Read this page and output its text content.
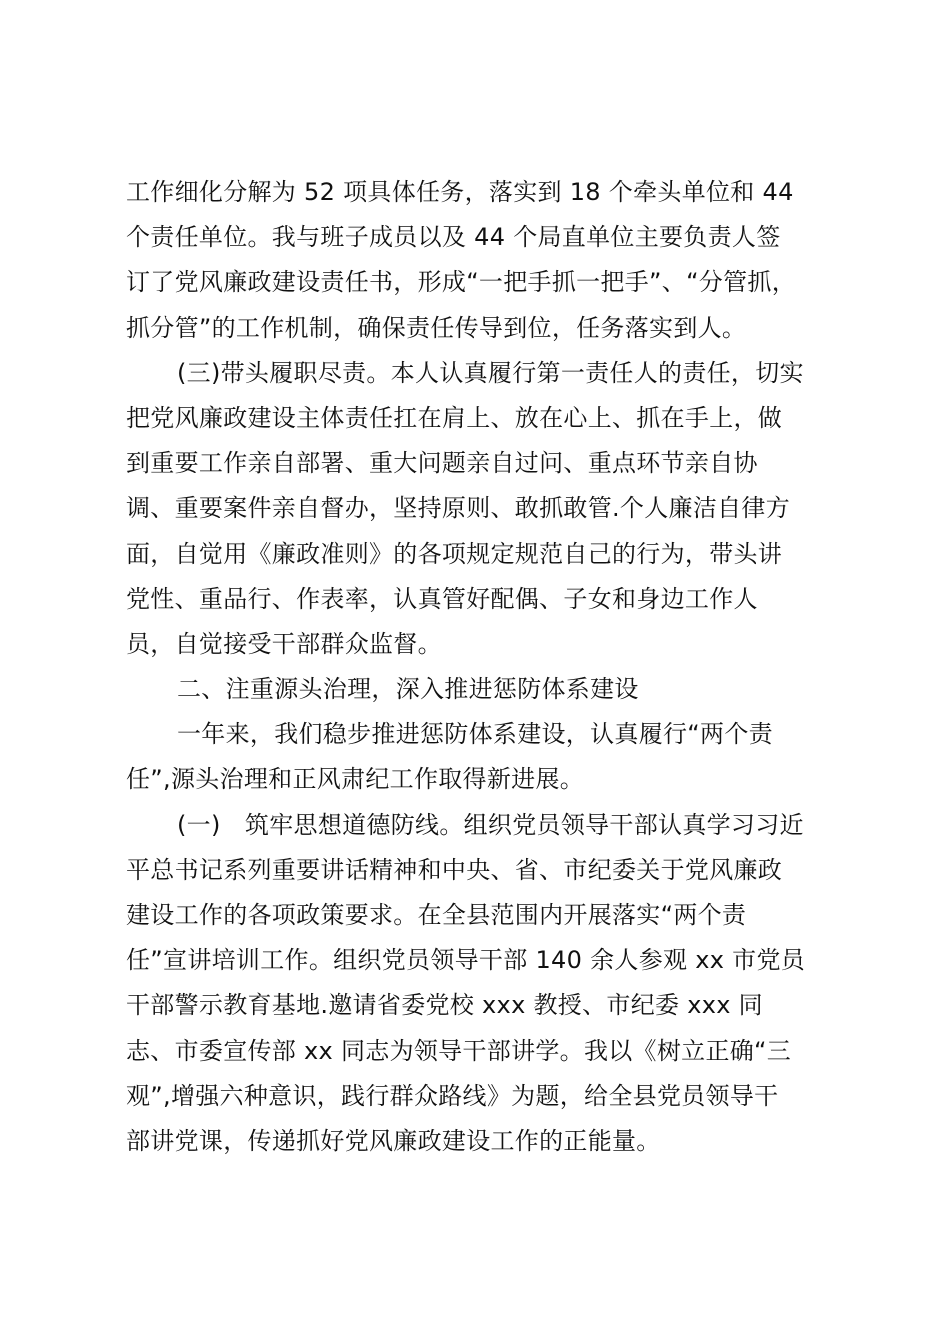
工作细化分解为 52 项具体任务，落实到 18 个牵头单位和 44
个责任单位。我与班子成员以及 44 个局直单位主要负责人签
订了党风廉政建设责任书，形成“一把手抓一把手”、“分管抓，
抓分管”的工作机制，确保责任传导到位，任务落实到人。
(三)带头履职尽责。本人认真履行第一责任人的责任，切实
把党风廉政建设主体责任扛在肩上、放在心上、抓在手上，做
到重要工作亲自部署、重大问题亲自过问、重点环节亲自协
调、重要案件亲自督办，坚持原则、敢抓敢管.个人廉洁自律方
面，自觉用《廉政准则》的各项规定规范自己的行为，带头讲
党性、重品行、作表率，认真管好配偶、子女和身边工作人
员，自觉接受干部群众监督。
二、注重源头治理，深入推进惩防体系建设
一年来，我们稳步推进惩防体系建设，认真履行“两个责
任”,源头治理和正风肃纪工作取得新进展。
(一)　筑牢思想道德防线。组织党员领导干部认真学习习近
平总书记系列重要讲话精神和中央、省、市纪委关于党风廉政
建设工作的各项政策要求。在全县范围内开展落实“两个责
任”宣讲培训工作。组织党员领导干部 140 余人参观 xx 市党员
干部警示教育基地.邀请省委党校 xxx 教授、市纪委 xxx 同
志、市委宣传部 xx 同志为领导干部讲学。我以《树立正确“三
观”,增强六种意识，践行群众路线》为题，给全县党员领导干
部讲党课，传递抓好党风廉政建设工作的正能量。
